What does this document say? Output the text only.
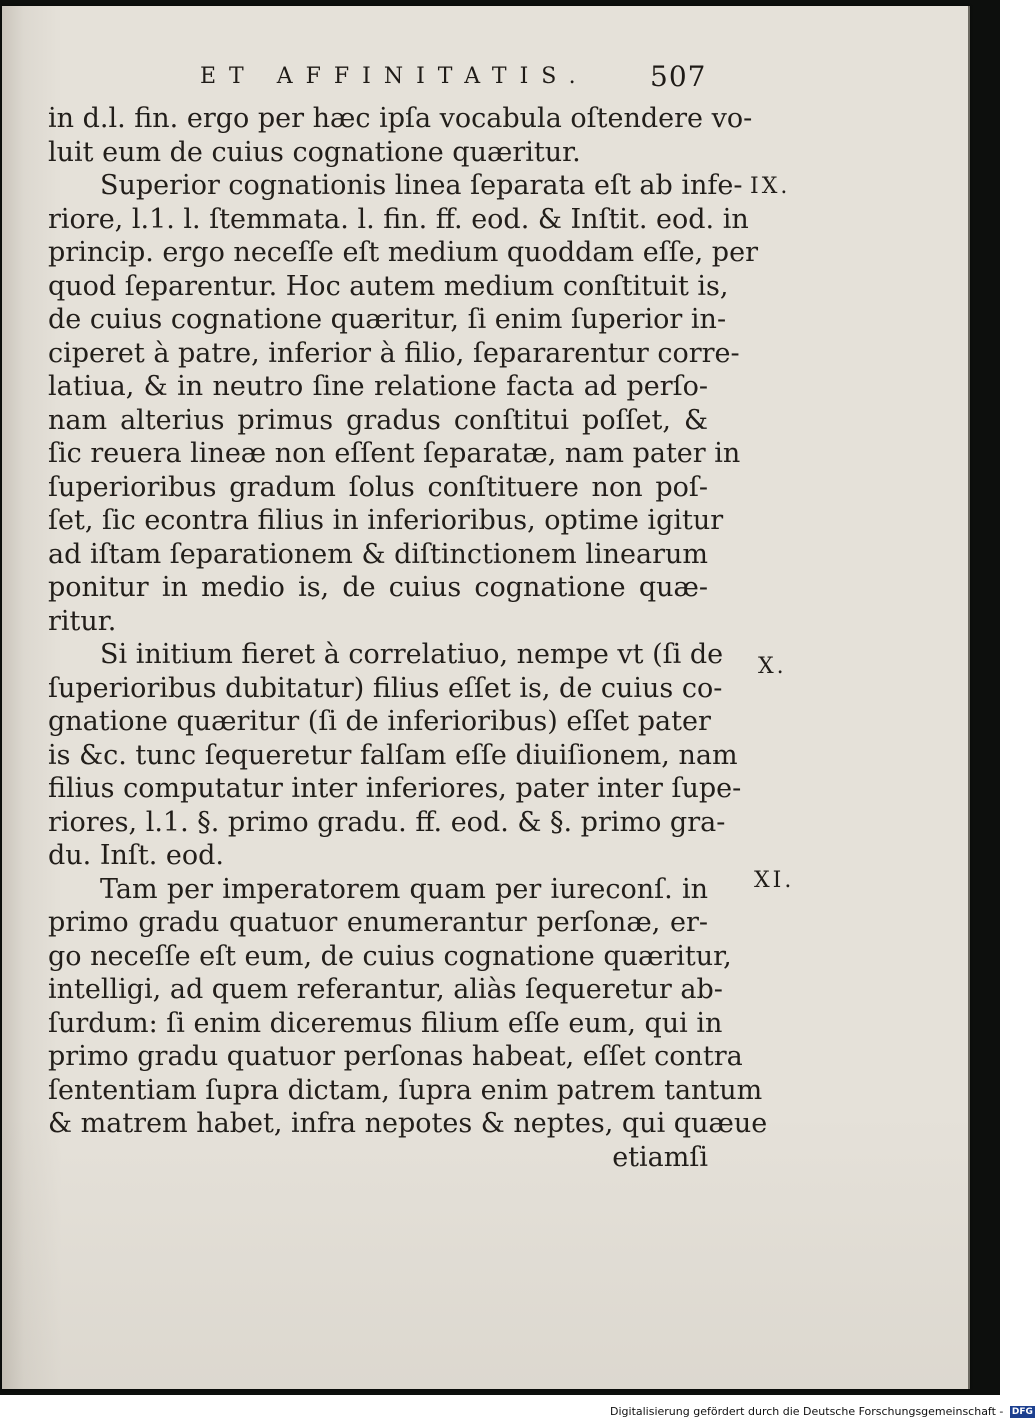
ET AFFINITATIS. 507
in d.l. fin. ergo per hæc ipſa vocabula oſtendere vo-
luit eum de cuius cognatione quæritur.
Superior cognationis linea ſeparata eſt ab infe-
riore, l.1. l. ſtemmata. l. fin. ff. eod. & Inſtit. eod. in
princip. ergo neceſſe eſt medium quoddam eſſe, per
quod ſeparentur. Hoc autem medium conſtituit is,
de cuius cognatione quæritur, ſi enim ſuperior in-
ciperet à patre, inferior à filio, ſepararentur corre-
latiua, & in neutro ſine relatione facta ad perſo-
nam alterius primus gradus conſtitui poſſet, &
ſic reuera lineæ non eſſent ſeparatæ, nam pater in
ſuperioribus gradum ſolus conſtituere non poſ-
ſet, ſic econtra filius in inferioribus, optime igitur
ad iſtam ſeparationem & diſtinctionem linearum
ponitur in medio is, de cuius cognatione quæ-
ritur.
Si initium fieret à correlatiuo, nempe vt (ſi de
ſuperioribus dubitatur) filius eſſet is, de cuius co-
gnatione quæritur (ſi de inferioribus) eſſet pater
is &c. tunc ſequeretur falſam eſſe diuiſionem, nam
filius computatur inter inferiores, pater inter ſupe-
riores, l.1. §. primo gradu. ff. eod. & §. primo gra-
du. Inſt. eod.
Tam per imperatorem quam per iureconſ. in
primo gradu quatuor enumerantur perſonæ, er-
go neceſſe eſt eum, de cuius cognatione quæritur,
intelligi, ad quem referantur, aliàs ſequeretur ab-
ſurdum: ſi enim diceremus filium eſſe eum, qui in
primo gradu quatuor perſonas habeat, eſſet contra
ſententiam ſupra dictam, ſupra enim patrem tantum
& matrem habet, infra nepotes & neptes, qui quæue
etiamſi
IX.
X.
XI.
Digitalisierung gefördert durch die Deutsche Forschungsgemeinschaft - DFG
